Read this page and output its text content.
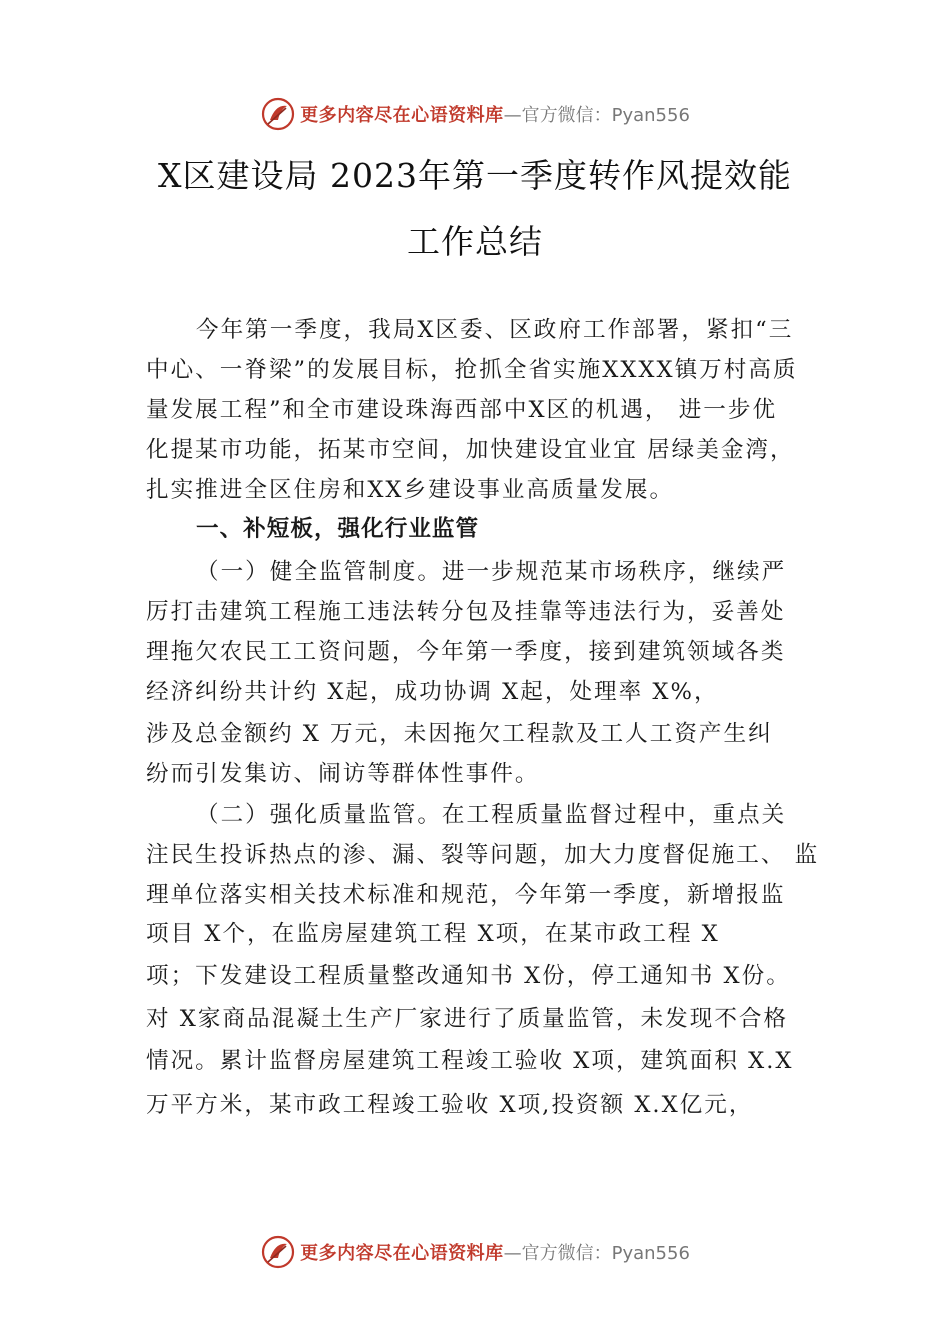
更多内容尽在心语资料库 —官方微信：Pyan556
X区建设局 2023年第一季度转作风提效能
工作总结
今年第一季度，我局X区委、区政府工作部署，紧扣“三
中心、一脊梁”的发展目标，抢抓全省实施XXXX镇万村高质
量发展工程”和全市建设珠海西部中X区的机遇， 进一步优
化提某市功能，拓某市空间，加快建设宜业宜 居绿美金湾，
扎实推进全区住房和XX乡建设事业高质量发展。
一、补短板，强化行业监管
（一）健全监管制度。进一步规范某市场秩序，继续严
厉打击建筑工程施工违法转分包及挂靠等违法行为，妥善处
理拖欠农民工工资问题，今年第一季度，接到建筑领域各类
经济纠纷共计约 X起，成功协调 X起，处理率 X%，
涉及总金额约 X 万元，未因拖欠工程款及工人工资产生纠
纷而引发集访、闹访等群体性事件。
（二）强化质量监管。在工程质量监督过程中，重点关
注民生投诉热点的渗、漏、裂等问题，加大力度督促施工、 监
理单位落实相关技术标准和规范，今年第一季度，新增报监
项目 X个，在监房屋建筑工程 X项，在某市政工程 X
项；下发建设工程质量整改通知书 X份，停工通知书 X份。
对 X家商品混凝土生产厂家进行了质量监管，未发现不合格
情况。累计监督房屋建筑工程竣工验收 X项，建筑面积 X.X
万平方米，某市政工程竣工验收 X项,投资额 X.X亿元，
更多内容尽在心语资料库 —官方微信：Pyan556
